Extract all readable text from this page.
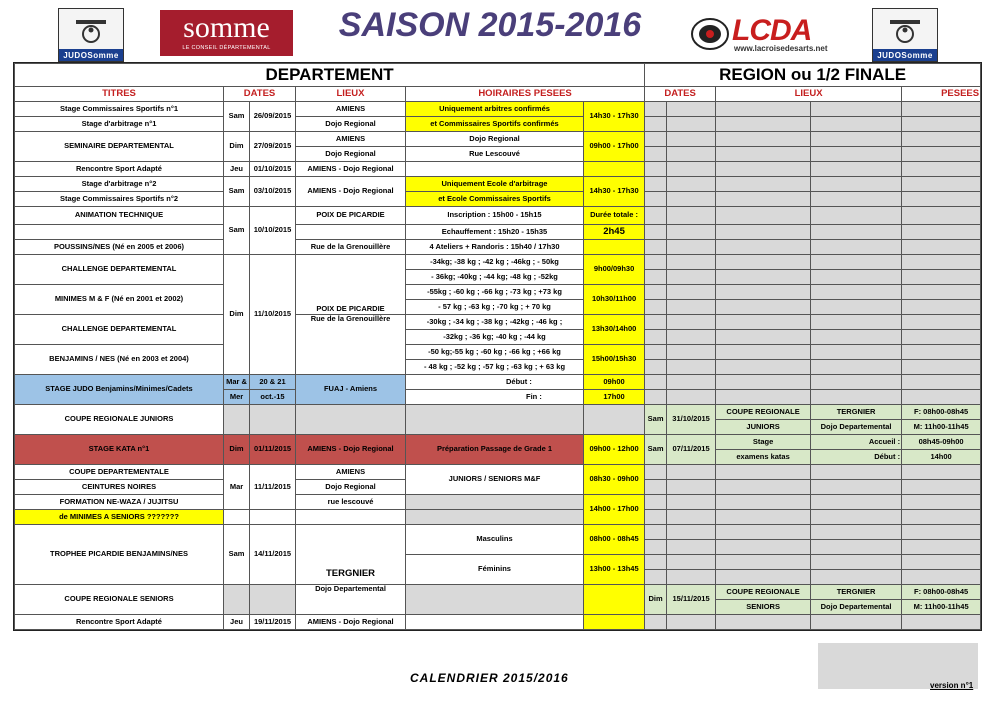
JUDOSomme
somme
LE CONSEIL DÉPARTEMENTAL
SAISON 2015-2016	LCDA
www.lacroisedesarts.net
JUDOSomme
DEPARTEMENT						REGION ou 1/2 FINALE				
TITRES	DATES		LIEUX	HOIRAIRES PESEES		DATES		LIEUX		PESEES
Stage Commissaires Sportifs n°1	Sam	26/09/2015	AMIENS	Uniquement arbitres confirmés	14h30 - 17h30					
Stage d'arbitrage n°1			Dojo Regional	et Commissaires Sportifs confirmés						
SEMINAIRE DEPARTEMENTAL	Dim	27/09/2015	AMIENS	Dojo Regional	09h00 - 17h00					
			Dojo Regional	Rue Lescouvé						
Rencontre Sport Adapté	Jeu	01/10/2015	AMIENS - Dojo Regional							
Stage d'arbitrage n°2	Sam	03/10/2015	AMIENS - Dojo Regional	Uniquement Ecole d'arbitrage	14h30 - 17h30					
Stage Commissaires Sportifs n°2				et Ecole Commissaires Sportifs						
ANIMATION TECHNIQUE	Sam	10/10/2015	POIX DE PICARDIE	Inscription : 15h00 - 15h15	Durée totale :					
				Echauffement : 15h20 - 15h35	2h45					
POUSSINS/NES (Né en 2005 et 2006)			Rue de la Grenouillère	4 Ateliers + Randoris : 15h40 / 17h30						
CHALLENGE DEPARTEMENTAL	Dim	11/10/2015	POIX DE PICARDIE	-34kg; -38 kg ; -42 kg ; -46kg ; - 50kg	9h00/09h30					
				- 36kg; -40kg ; -44 kg; -48 kg ; -52kg						
MINIMES M & F (Né en 2001 et 2002)				-55kg ; -60 kg ; -66 kg ; -73 kg ; +73 kg	10h30/11h00					
				- 57 kg ; -63 kg ; -70 kg ; + 70 kg						
CHALLENGE DEPARTEMENTAL			Rue de la Grenouillère	-30kg ; -34 kg ; -38 kg ; -42kg ; -46 kg ;	13h30/14h00					
				-32kg ; -36 kg; -40 kg ; -44 kg						
BENJAMINS / NES (Né en 2003 et 2004)				-50 kg;-55 kg ; -60 kg ; -66 kg ; +66 kg	15h00/15h30					
				- 48 kg ; -52 kg ; -57 kg ; -63 kg ; + 63 kg						
STAGE JUDO Benjamins/Minimes/Cadets	Mar &	20 & 21	FUAJ - Amiens	Début :	09h00					
	Mer	oct.-15		Fin :	17h00					
COUPE REGIONALE JUNIORS						Sam	31/10/2015	COUPE REGIONALE	TERGNIER	F: 08h00-08h45
								JUNIORS	Dojo Departemental	M: 11h00-11h45
STAGE KATA n°1	Dim	01/11/2015	AMIENS - Dojo Regional	Préparation Passage de Grade 1	09h00 - 12h00	Sam	07/11/2015	Stage	Accueil :	08h45-09h00
								examens katas	Début :	14h00
COUPE DEPARTEMENTALE	Mar	11/11/2015	AMIENS	JUNIORS / SENIORS M&F	08h30 - 09h00					
CEINTURES NOIRES			Dojo Regional							
FORMATION NE-WAZA / JUJITSU			rue lescouvé		14h00 - 17h00					
de MINIMES A SENIORS ???????										
TROPHEE PICARDIE BENJAMINS/NES	Sam	14/11/2015	TERGNIER	Masculins	08h00 - 08h45					

				Féminins	13h00 - 13h45					

COUPE REGIONALE SENIORS			Dojo Departemental			Dim	15/11/2015	COUPE REGIONALE	TERGNIER	F: 08h00-08h45
								SENIORS	Dojo Departemental	M: 11h00-11h45
Rencontre Sport Adapté	Jeu	19/11/2015	AMIENS - Dojo Regional							
CALENDRIER 2015/2016
version n°1
